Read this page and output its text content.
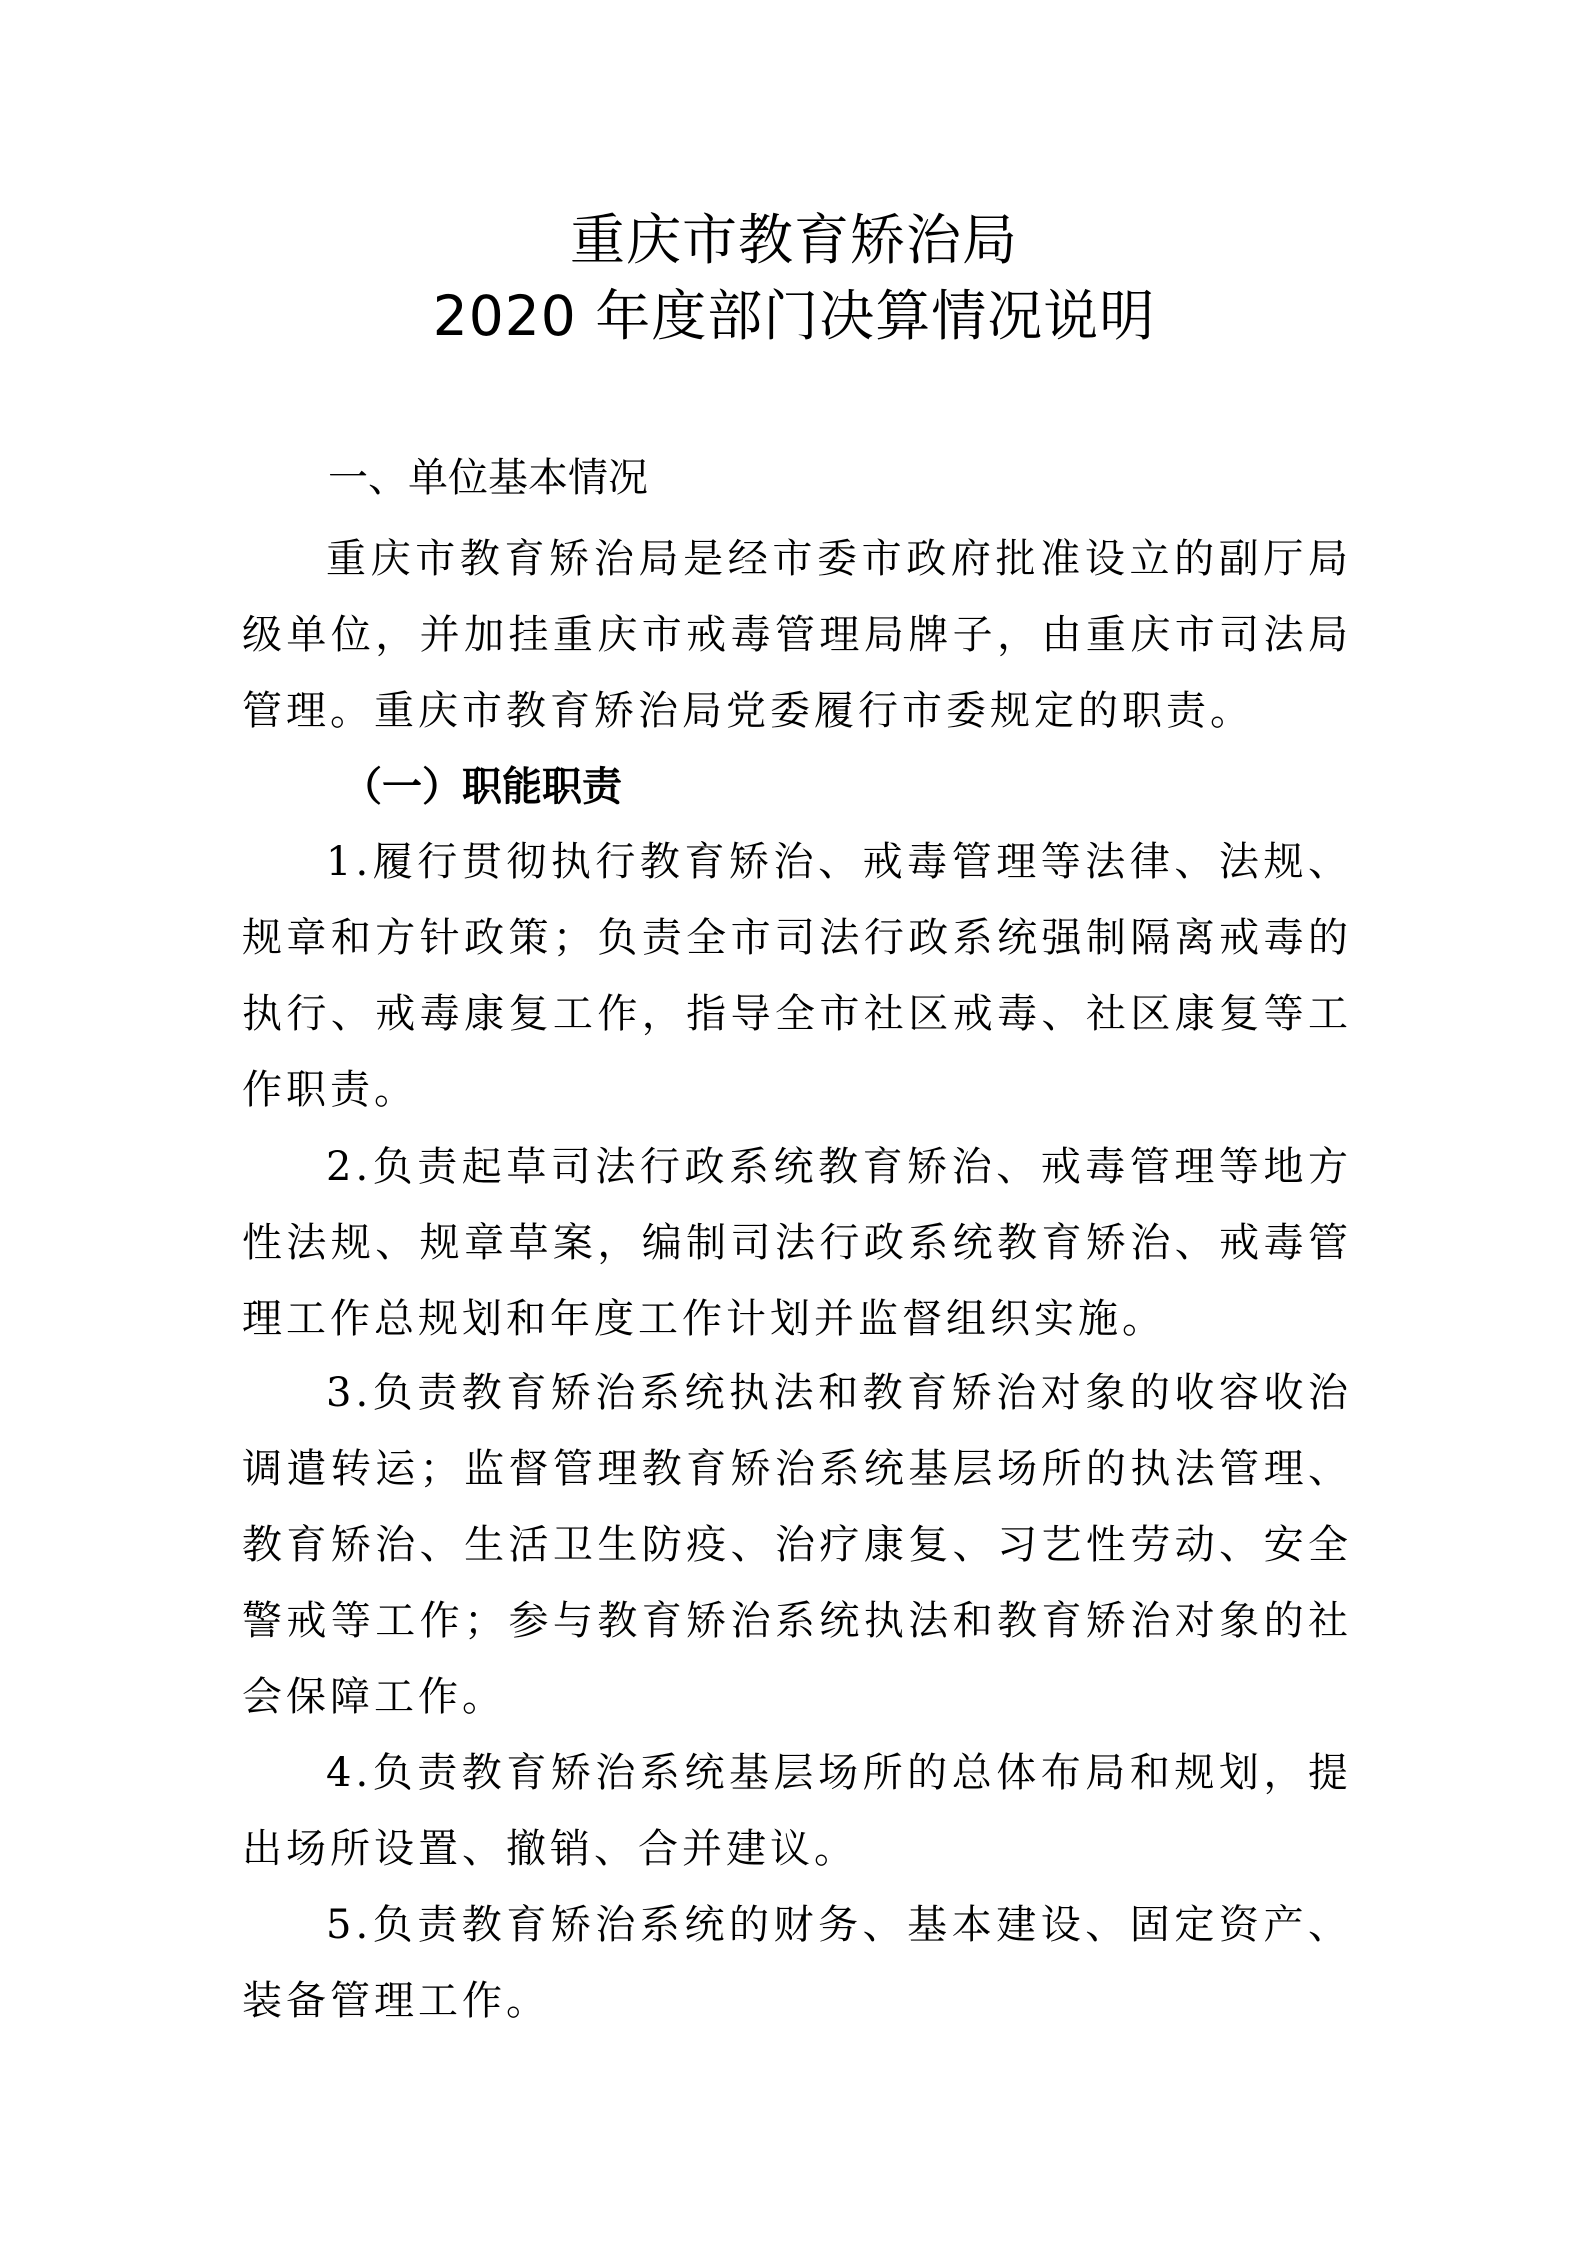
重庆市教育矫治局
2020 年度部门决算情况说明
一、单位基本情况

重庆市教育矫治局是经市委市政府批准设立的副厅局级单位，并加挂重庆市戒毒管理局牌子，由重庆市司法局管理。重庆市教育矫治局党委履行市委规定的职责。

（一）职能职责

1.履行贯彻执行教育矫治、戒毒管理等法律、法规、规章和方针政策；负责全市司法行政系统强制隔离戒毒的执行、戒毒康复工作，指导全市社区戒毒、社区康复等工作职责。

2.负责起草司法行政系统教育矫治、戒毒管理等地方性法规、规章草案，编制司法行政系统教育矫治、戒毒管理工作总规划和年度工作计划并监督组织实施。

3.负责教育矫治系统执法和教育矫治对象的收容收治调遣转运；监督管理教育矫治系统基层场所的执法管理、教育矫治、生活卫生防疫、治疗康复、习艺性劳动、安全警戒等工作；参与教育矫治系统执法和教育矫治对象的社会保障工作。

4.负责教育矫治系统基层场所的总体布局和规划，提出场所设置、撤销、合并建议。

5.负责教育矫治系统的财务、基本建设、固定资产、装备管理工作。
